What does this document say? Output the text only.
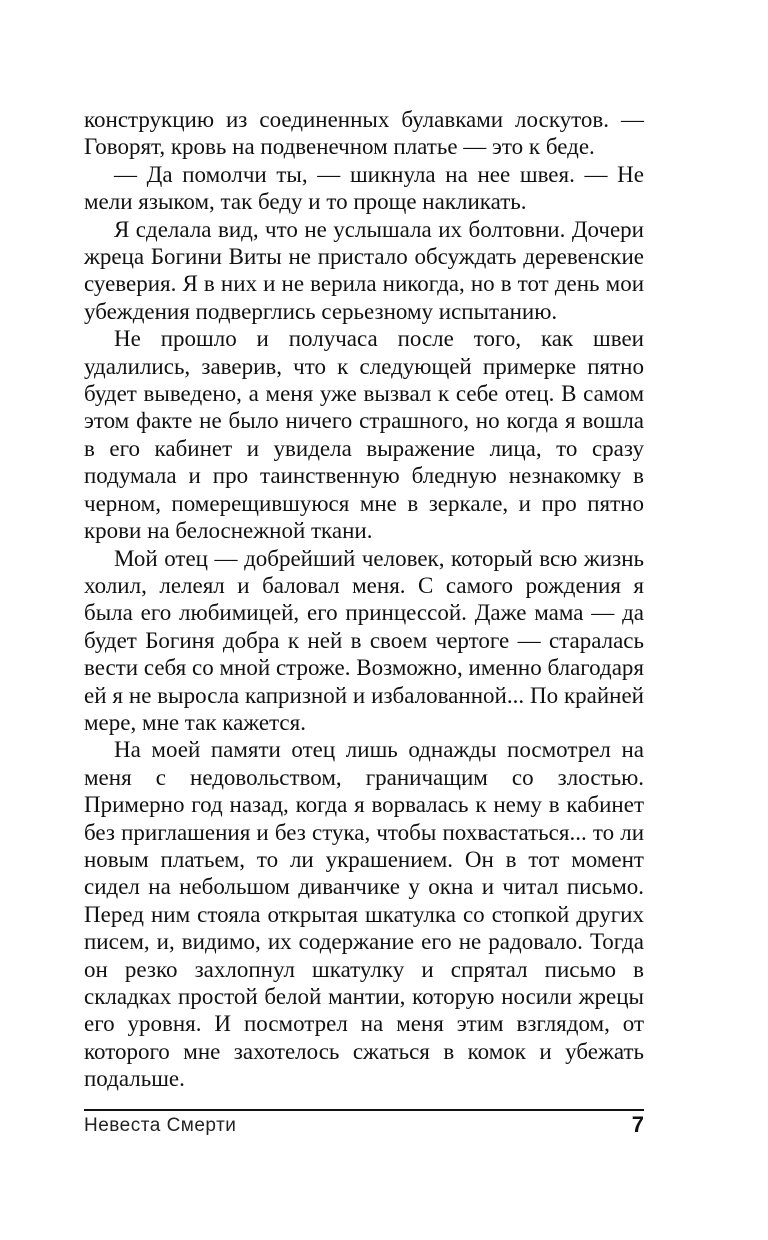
конструкцию из соединенных булавками лоскутов. — Говорят, кровь на подвенечном платье — это к беде.

— Да помолчи ты, — шикнула на нее швея. — Не мели языком, так беду и то проще накликать.

Я сделала вид, что не услышала их болтовни. Дочери жреца Богини Виты не пристало обсуждать деревенские суеверия. Я в них и не верила никогда, но в тот день мои убеждения подверглись серьезному испытанию.

Не прошло и получаса после того, как швеи удалились, заверив, что к следующей примерке пятно будет выведено, а меня уже вызвал к себе отец. В самом этом факте не было ничего страшного, но когда я вошла в его кабинет и увидела выражение лица, то сразу подумала и про таинственную бледную незнакомку в черном, померещившуюся мне в зеркале, и про пятно крови на белоснежной ткани.

Мой отец — добрейший человек, который всю жизнь холил, лелеял и баловал меня. С самого рождения я была его любимицей, его принцессой. Даже мама — да будет Богиня добра к ней в своем чертоге — старалась вести себя со мной строже. Возможно, именно благодаря ей я не выросла капризной и избалованной... По крайней мере, мне так кажется.

На моей памяти отец лишь однажды посмотрел на меня с недовольством, граничащим со злостью. Примерно год назад, когда я ворвалась к нему в кабинет без приглашения и без стука, чтобы похвастаться... то ли новым платьем, то ли украшением. Он в тот момент сидел на небольшом диванчике у окна и читал письмо. Перед ним стояла открытая шкатулка со стопкой других писем, и, видимо, их содержание его не радовало. Тогда он резко захлопнул шкатулку и спрятал письмо в складках простой белой мантии, которую носили жрецы его уровня. И посмотрел на меня этим взглядом, от которого мне захотелось сжаться в комок и убежать подальше.

Невеста Смерти	7
